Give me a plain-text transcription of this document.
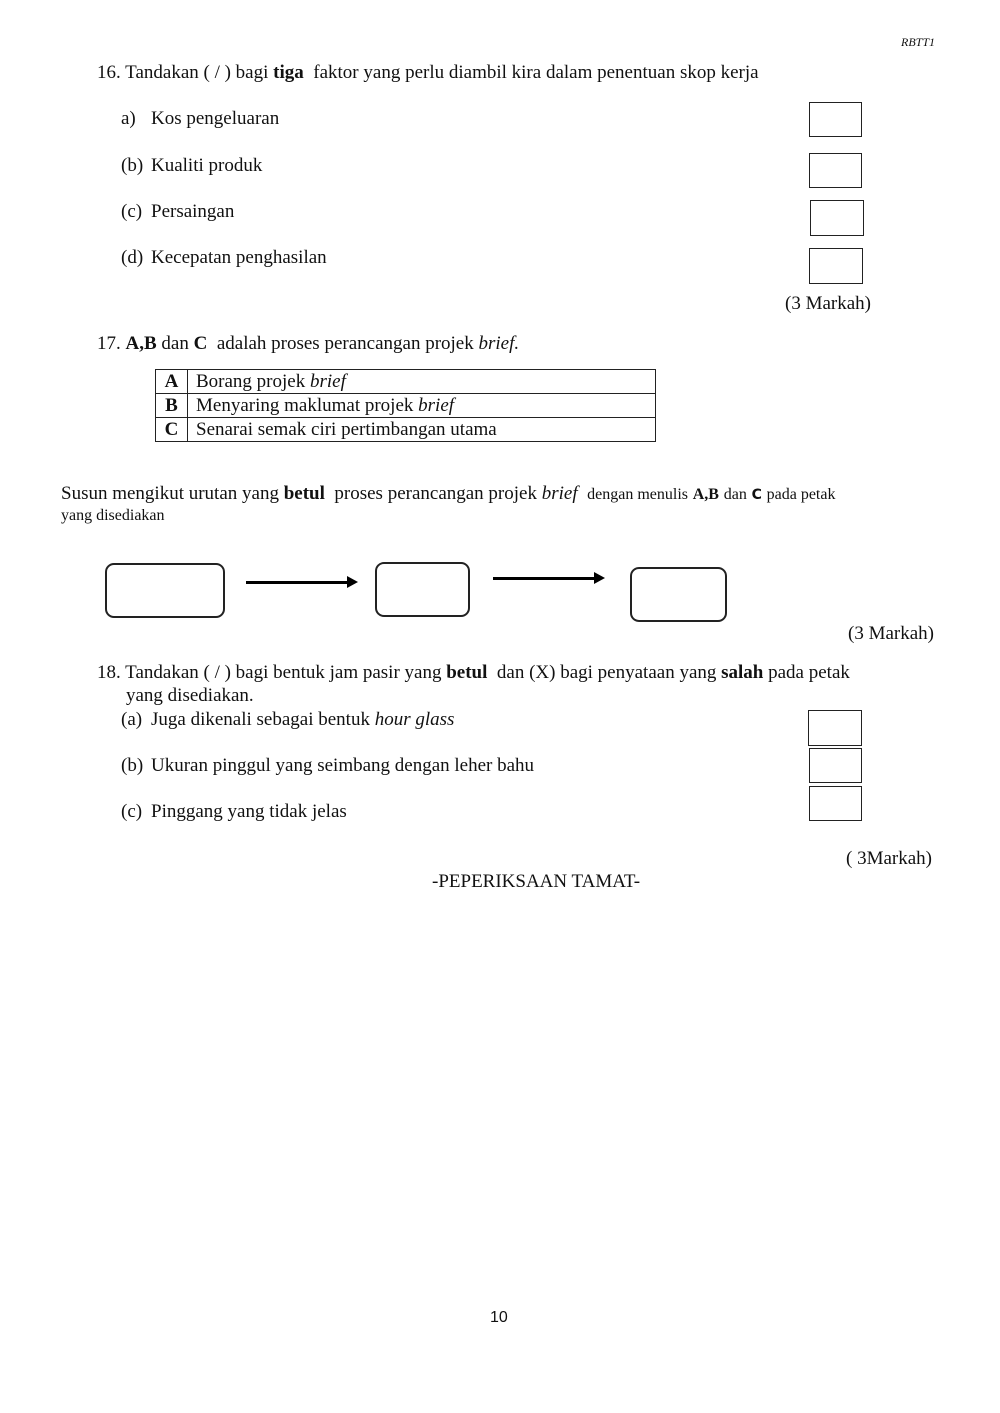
RBTT1
16. Tandakan ( / ) bagi tiga faktor yang perlu diambil kira dalam penentuan skop kerja
a) Kos pengeluaran
(b) Kualiti produk
(c) Persaingan
(d) Kecepatan penghasilan
(3 Markah)
17. A,B dan C adalah proses perancangan projek brief.
A	Borang projek brief
B	Menyaring maklumat projek brief
C	Senarai semak ciri pertimbangan utama
Susun mengikut urutan yang betul proses perancangan projek brief dengan menulis A,B dan C pada petak
yang disediakan
(3 Markah)
18. Tandakan ( / ) bagi bentuk jam pasir yang betul dan (X) bagi penyataan yang salah pada petak
yang disediakan.
(a) Juga dikenali sebagai bentuk hour glass
(b) Ukuran pinggul yang seimbang dengan leher bahu
(c) Pinggang yang tidak jelas
( 3Markah)
-PEPERIKSAAN TAMAT-
10
